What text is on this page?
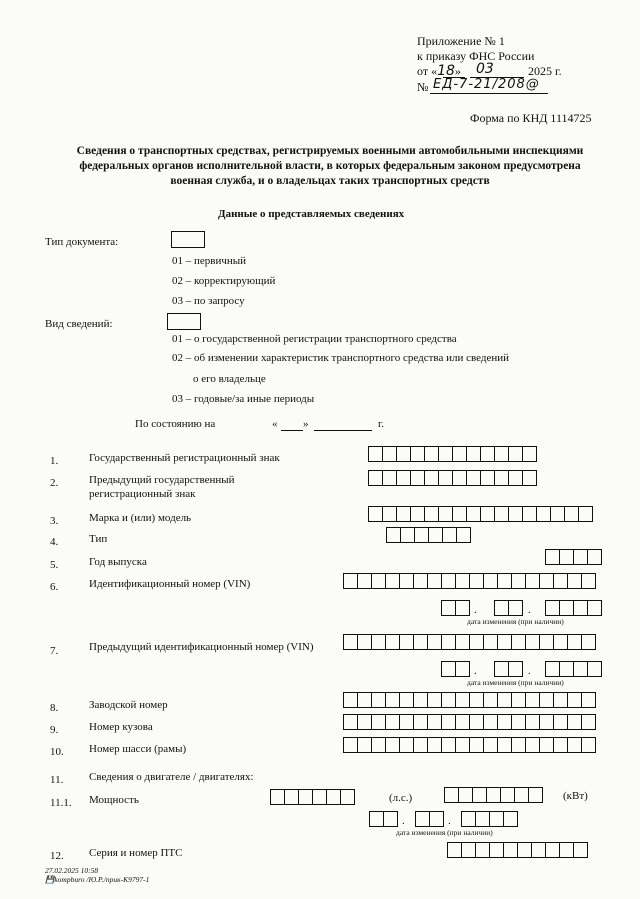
Приложение № 1
к приказу ФНС России
от «18» 03	2025 г.
№ ЕД-7-21/208@
Форма по КНД 1114725
Сведения о транспортных средствах, регистрируемых военными автомобильными инспекциями федеральных органов исполнительной власти, в которых федеральным законом предусмотрена военная служба, и о владельцах таких транспортных средств
Данные о представляемых сведениях
Тип документа:
01 – первичный
02 – корректирующий
03 – по запросу
Вид сведений:
01 – о государственной регистрации транспортного средства
02 – об изменении характеристик транспортного средства или сведений
о его владельце
03 – годовые/за иные периоды
По состоянию на	« »	г.
1.	Государственный регистрационный знак
2.	Предыдущий государственный
регистрационный знак
3.	Марка и (или) модель
4.	Тип
5.	Год выпуска
6.	Идентификационный номер (VIN)
.	.
дата изменения (при наличии)
7.	Предыдущий идентификационный номер (VIN)
.	.
дата изменения (при наличии)
8.	Заводской номер
9.	Номер кузова
10. Номер шасси (рамы)
11. Сведения о двигателе / двигателях:
11.1. Мощность	(л.с.)	(кВт)
.	.
дата изменения (при наличии)
12. Серия и номер ПТС
27.02.2025 10:58
💾kompburo /Ю.Р./прик-К9797-1
